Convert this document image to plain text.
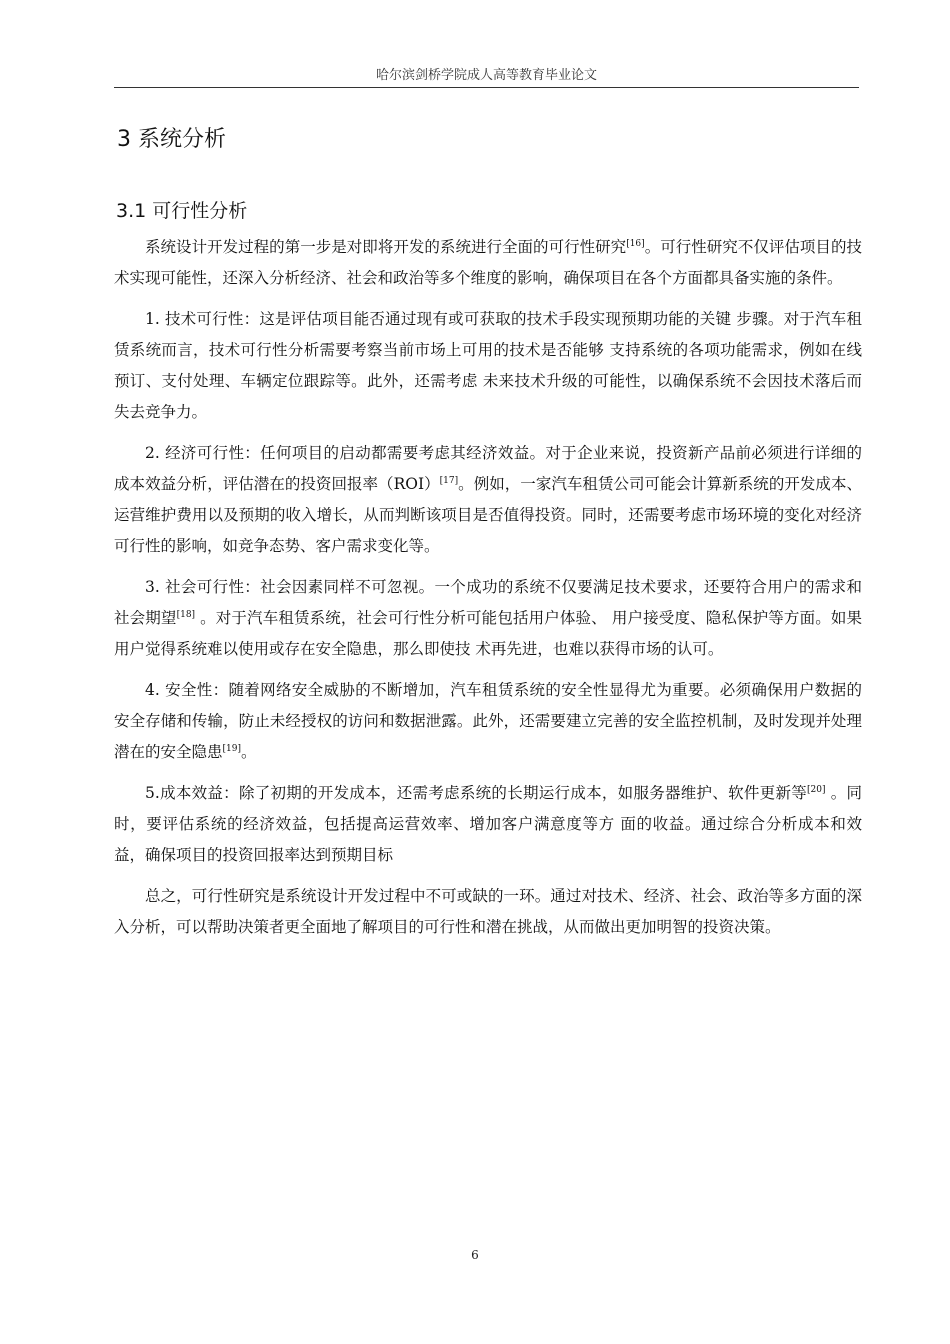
哈尔滨剑桥学院成人高等教育毕业论文
3 系统分析
3.1 可行性分析

系统设计开发过程的第一步是对即将开发的系统进行全面的可行性研究[16]。可行性研究不仅评估项目的技术实现可能性，还深入分析经济、社会和政治等多个维度的影响，确保项目在各个方面都具备实施的条件。

1. 技术可行性：这是评估项目能否通过现有或可获取的技术手段实现预期功能的关键 步骤。对于汽车租赁系统而言，技术可行性分析需要考察当前市场上可用的技术是否能够 支持系统的各项功能需求，例如在线预订、支付处理、车辆定位跟踪等。此外，还需考虑 未来技术升级的可能性，以确保系统不会因技术落后而失去竞争力。

2. 经济可行性：任何项目的启动都需要考虑其经济效益。对于企业来说，投资新产品前必须进行详细的成本效益分析，评估潜在的投资回报率（ROI）[17]。例如，一家汽车租赁公司可能会计算新系统的开发成本、运营维护费用以及预期的收入增长，从而判断该项目是否值得投资。同时，还需要考虑市场环境的变化对经济可行性的影响，如竞争态势、客户需求变化等。

3. 社会可行性：社会因素同样不可忽视。一个成功的系统不仅要满足技术要求，还要符合用户的需求和社会期望[18] 。对于汽车租赁系统，社会可行性分析可能包括用户体验、 用户接受度、隐私保护等方面。如果用户觉得系统难以使用或存在安全隐患，那么即使技 术再先进，也难以获得市场的认可。

4. 安全性：随着网络安全威胁的不断增加，汽车租赁系统的安全性显得尤为重要。必须确保用户数据的安全存储和传输，防止未经授权的访问和数据泄露。此外，还需要建立完善的安全监控机制，及时发现并处理潜在的安全隐患[19]。

5.成本效益：除了初期的开发成本，还需考虑系统的长期运行成本，如服务器维护、软件更新等[20] 。同时，要评估系统的经济效益，包括提高运营效率、增加客户满意度等方 面的收益。通过综合分析成本和效益，确保项目的投资回报率达到预期目标

总之，可行性研究是系统设计开发过程中不可或缺的一环。通过对技术、经济、社会、政治等多方面的深入分析，可以帮助决策者更全面地了解项目的可行性和潜在挑战，从而做出更加明智的投资决策。

6
